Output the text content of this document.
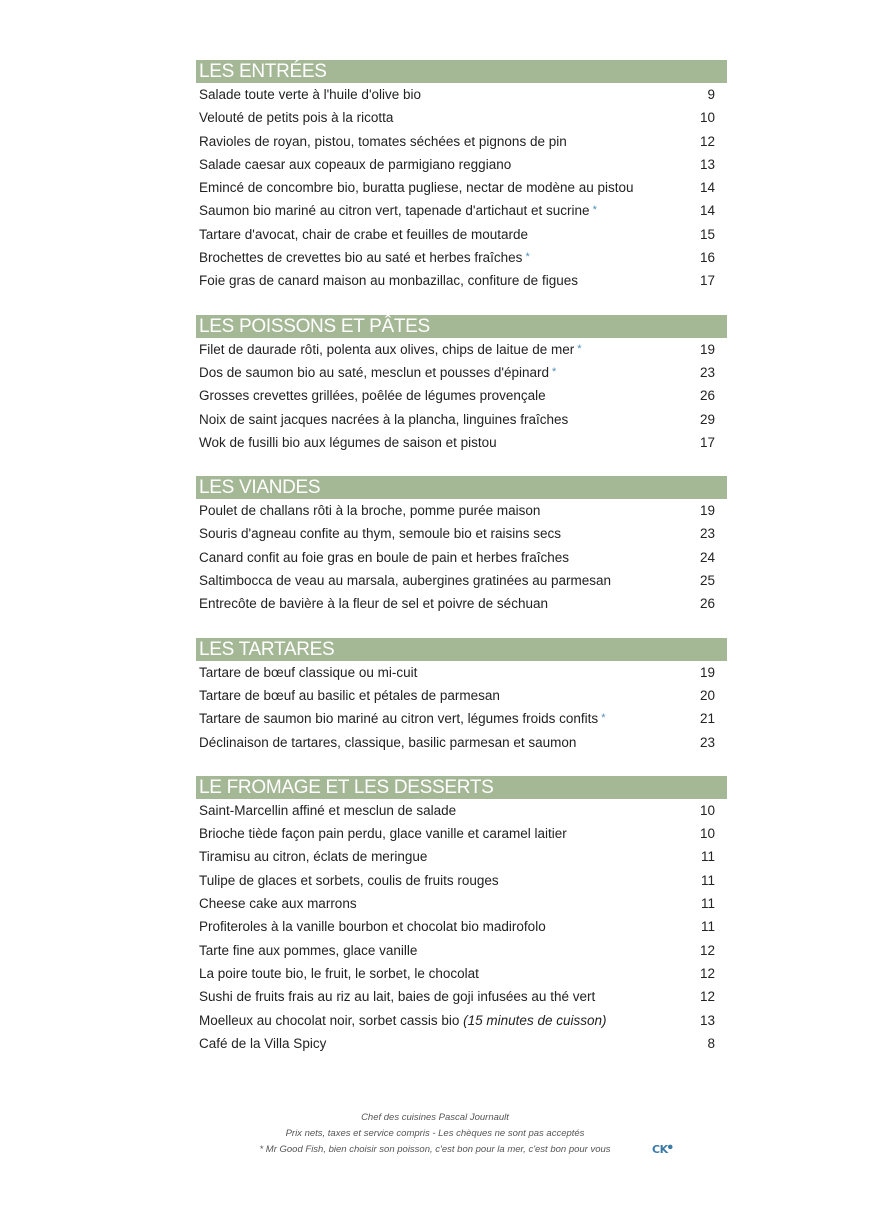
LES ENTRÉES
Salade toute verte à l'huile d'olive bio	9
Velouté de petits pois à la ricotta	10
Ravioles de royan, pistou, tomates séchées et pignons de pin	12
Salade caesar aux copeaux de parmigiano reggiano	13
Emincé de concombre bio, buratta pugliese, nectar de modène au pistou	14
Saumon bio mariné au citron vert, tapenade d'artichaut et sucrine *	14
Tartare d'avocat, chair de crabe et feuilles de moutarde	15
Brochettes de crevettes bio au saté et herbes fraîches *	16
Foie gras de canard maison au monbazillac, confiture de figues	17
LES POISSONS ET PÂTES
Filet de daurade rôti, polenta aux olives, chips de laitue de mer *	19
Dos de saumon bio au saté, mesclun et pousses d'épinard *	23
Grosses crevettes grillées, poêlée de légumes provençale	26
Noix de saint jacques nacrées à la plancha, linguines fraîches	29
Wok de fusilli bio aux légumes de saison et pistou	17
LES VIANDES
Poulet de challans rôti à la broche, pomme purée maison	19
Souris d'agneau confite au thym, semoule bio et raisins secs	23
Canard confit au foie gras en boule de pain et herbes fraîches	24
Saltimbocca de veau au marsala, aubergines gratinées au parmesan	25
Entrecôte de bavière à la fleur de sel et poivre de séchuan	26
LES TARTARES
Tartare de bœuf classique ou mi-cuit	19
Tartare de bœuf au basilic et pétales de parmesan	20
Tartare de saumon bio mariné au citron vert, légumes froids confits *	21
Déclinaison de tartares, classique, basilic parmesan et saumon	23
LE FROMAGE ET LES DESSERTS
Saint-Marcellin affiné et mesclun de salade	10
Brioche tiède façon pain perdu, glace vanille et caramel laitier	10
Tiramisu au citron, éclats de meringue	11
Tulipe de glaces et sorbets, coulis de fruits rouges	11
Cheese cake aux marrons	11
Profiteroles à la vanille bourbon et chocolat bio madirofolo	11
Tarte fine aux pommes, glace vanille	12
La poire toute bio, le fruit, le sorbet, le chocolat	12
Sushi de fruits frais au riz au lait, baies de goji infusées au thé vert	12
Moelleux au chocolat noir, sorbet cassis bio (15 minutes de cuisson)	13
Café de la Villa Spicy	8
Chef des cuisines Pascal Journault
Prix nets, taxes et service compris - Les chèques ne sont pas acceptés
* Mr Good Fish, bien choisir son poisson, c'est bon pour la mer, c'est bon pour vous	CK●
